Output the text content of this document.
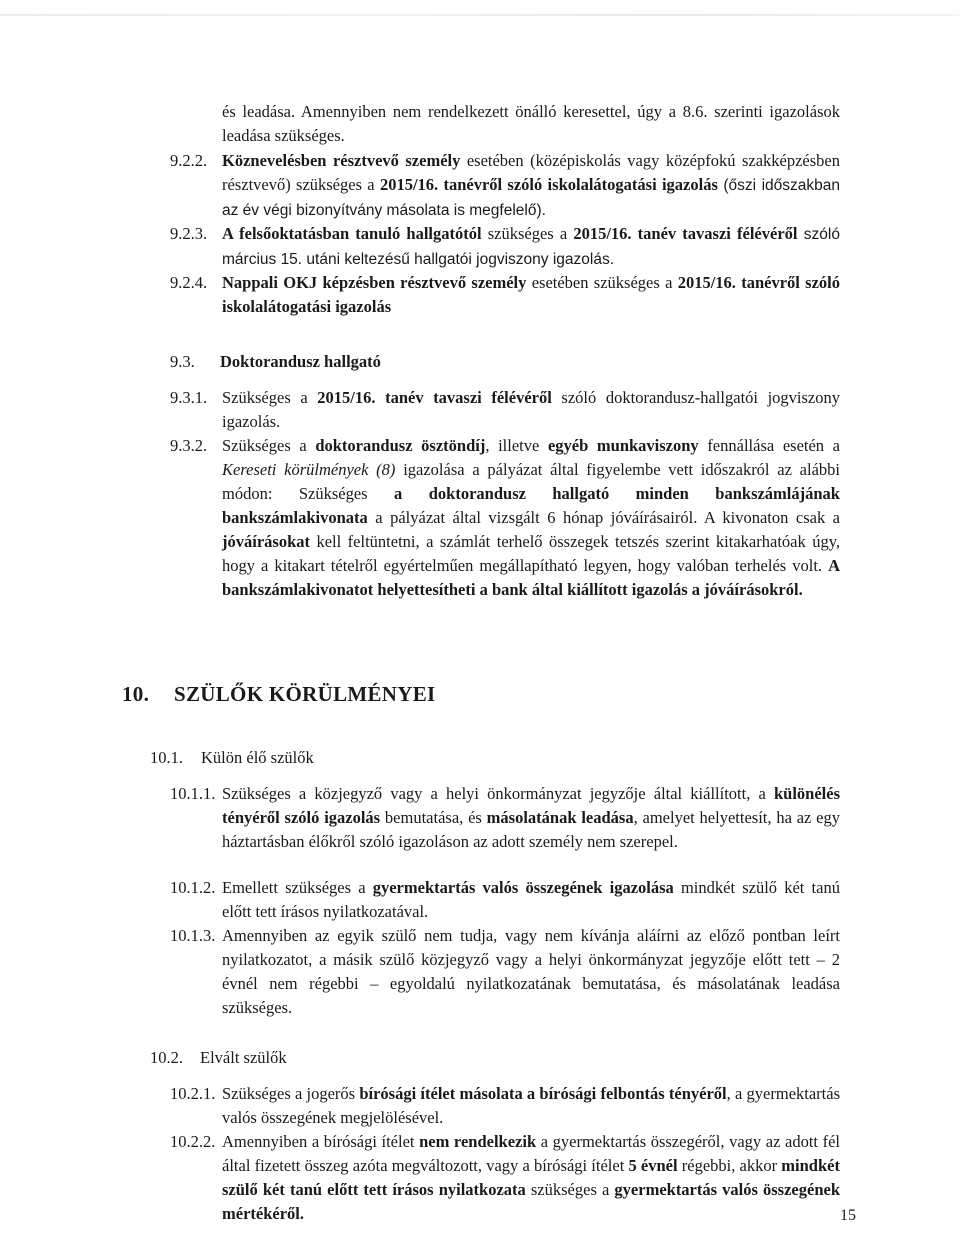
és leadása. Amennyiben nem rendelkezett önálló keresettel, úgy a 8.6. szerinti igazolások leadása szükséges.
9.2.2. Köznevelésben résztvevő személy esetében (középiskolás vagy középfokú szakképzésben résztvevő) szükséges a 2015/16. tanévről szóló iskolalátogatási igazolás (őszi időszakban az év végi bizonyítvány másolata is megfelelő).
9.2.3. A felsőoktatásban tanuló hallgatótól szükséges a 2015/16. tanév tavaszi félévéről szóló március 15. utáni keltezésű hallgatói jogviszony igazolás.
9.2.4. Nappali OKJ képzésben résztvevő személy esetében szükséges a 2015/16. tanévről szóló iskolalátogatási igazolás
9.3.	Doktorandusz hallgató
9.3.1. Szükséges a 2015/16. tanév tavaszi félévéről szóló doktorandusz-hallgatói jogviszony igazolás.
9.3.2. Szükséges a doktorandusz ösztöndíj, illetve egyéb munkaviszony fennállása esetén a Kereseti körülmények (8) igazolása a pályázat által figyelembe vett időszakról az alábbi módon: Szükséges a doktorandusz hallgató minden bankszámlájának bankszámlakivonata a pályázat által vizsgált 6 hónap jóváírásairól. A kivonaton csak a jóváírásokat kell feltüntetni, a számlát terhelő összegek tetszés szerint kitakarhatóak úgy, hogy a kitakart tételről egyértelműen megállapítható legyen, hogy valóban terhelés volt. A bankszámlakivonatot helyettesítheti a bank által kiállított igazolás a jóváírásokról.
10. SZÜLŐK KÖRÜLMÉNYEI
10.1.	Külön élő szülők
10.1.1. Szükséges a közjegyző vagy a helyi önkormányzat jegyzője által kiállított, a különélés tényéről szóló igazolás bemutatása, és másolatának leadása, amelyet helyettesít, ha az egy háztartásban élőkről szóló igazoláson az adott személy nem szerepel.
10.1.2. Emellett szükséges a gyermektartás valós összegének igazolása mindkét szülő két tanú előtt tett írásos nyilatkozatával.
10.1.3. Amennyiben az egyik szülő nem tudja, vagy nem kívánja aláírni az előző pontban leírt nyilatkozatot, a másik szülő közjegyző vagy a helyi önkormányzat jegyzője előtt tett – 2 évnél nem régebbi – egyoldalú nyilatkozatának bemutatása, és másolatának leadása szükséges.
10.2.	Elvált szülők
10.2.1. Szükséges a jogerős bírósági ítélet másolata a bírósági felbontás tényéről, a gyermektartás valós összegének megjelölésével.
10.2.2. Amennyiben a bírósági ítélet nem rendelkezik a gyermektartás összegéről, vagy az adott fél által fizetett összeg azóta megváltozott, vagy a bírósági ítélet 5 évnél régebbi, akkor mindkét szülő két tanú előtt tett írásos nyilatkozata szükséges a gyermektartás valós összegének mértékéről.	15
